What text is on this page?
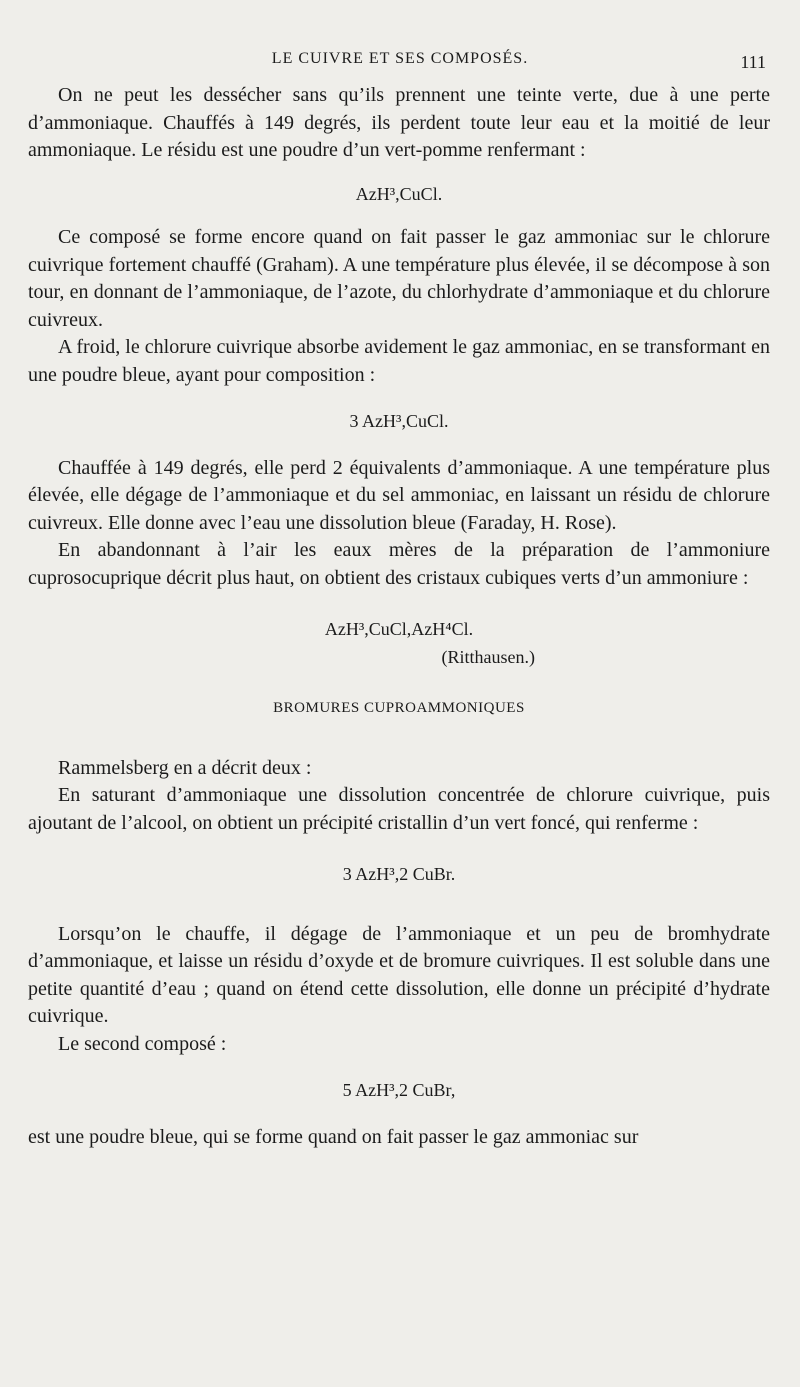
LE CUIVRE ET SES COMPOSÉS.	111

On ne peut les dessécher sans qu’ils prennent une teinte verte, due à une perte d’ammoniaque. Chauffés à 149 degrés, ils perdent toute leur eau et la moitié de leur ammoniaque. Le résidu est une poudre d’un vert-pomme renfermant :

AzH³,CuCl.

Ce composé se forme encore quand on fait passer le gaz ammoniac sur le chlorure cuivrique fortement chauffé (Graham). A une température plus élevée, il se décompose à son tour, en donnant de l’ammoniaque, de l’azote, du chlorhydrate d’ammoniaque et du chlorure cuivreux.

A froid, le chlorure cuivrique absorbe avidement le gaz ammoniac, en se transformant en une poudre bleue, ayant pour composition :

3 AzH³,CuCl.

Chauffée à 149 degrés, elle perd 2 équivalents d’ammoniaque. A une température plus élevée, elle dégage de l’ammoniaque et du sel ammoniac, en laissant un résidu de chlorure cuivreux. Elle donne avec l’eau une dissolution bleue (Faraday, H. Rose).

En abandonnant à l’air les eaux mères de la préparation de l’ammoniure cuprosocuprique décrit plus haut, on obtient des cristaux cubiques verts d’un ammoniure :

AzH³,CuCl,AzH⁴Cl.

(Ritthausen.)

BROMURES CUPROAMMONIQUES

Rammelsberg en a décrit deux :

En saturant d’ammoniaque une dissolution concentrée de chlorure cuivrique, puis ajoutant de l’alcool, on obtient un précipité cristallin d’un vert foncé, qui renferme :

3 AzH³,2 CuBr.

Lorsqu’on le chauffe, il dégage de l’ammoniaque et un peu de bromhydrate d’ammoniaque, et laisse un résidu d’oxyde et de bromure cuivriques. Il est soluble dans une petite quantité d’eau ; quand on étend cette dissolution, elle donne un précipité d’hydrate cuivrique.

Le second composé :

5 AzH³,2 CuBr,

est une poudre bleue, qui se forme quand on fait passer le gaz ammoniac sur
